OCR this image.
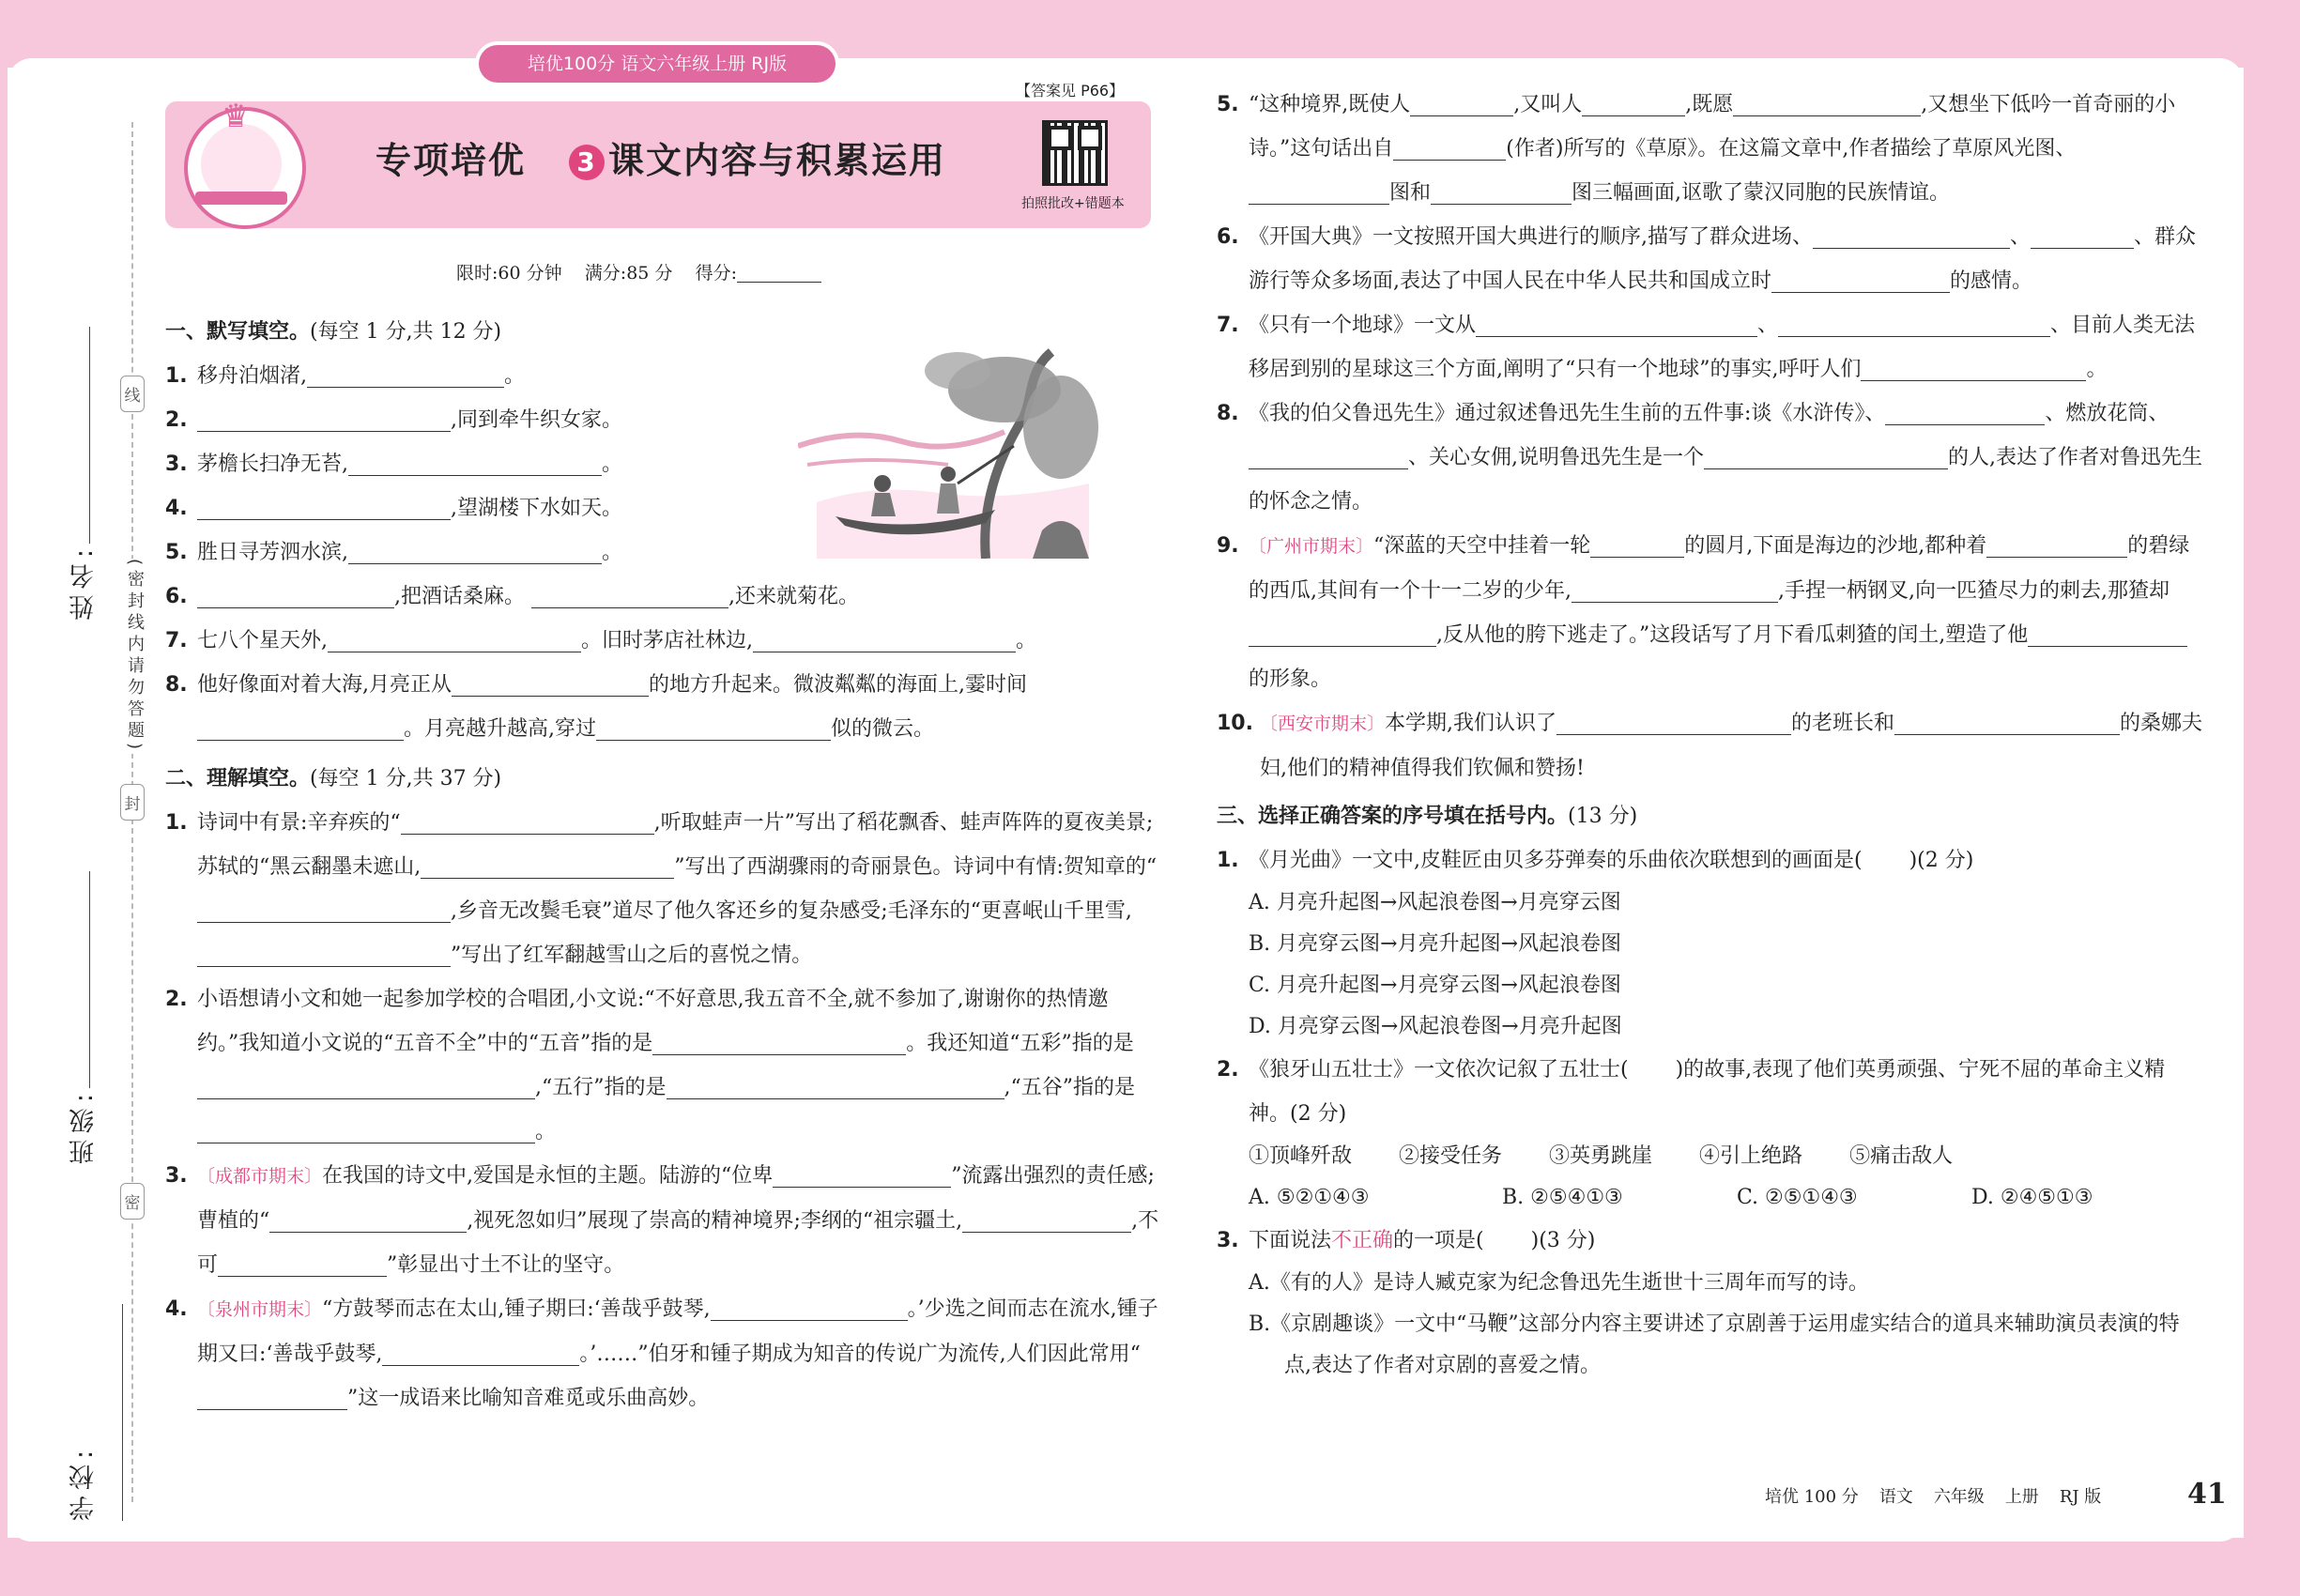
培优100分 语文六年级上册 RJ版
姓名:
班级:
学校:
(密封线内请勿答题)
线
封
密
♛
专项培优 3 课文内容与积累运用
【答案见 P66】
拍照批改+错题本
限时:60 分钟 满分:85 分 得分:
一、默写填空。(每空 1 分,共 12 分)
1. 移舟泊烟渚,	。
2.	,同到牵牛织女家。
3. 茅檐长扫净无苔,	。
4.	,望湖楼下水如天。
5. 胜日寻芳泗水滨,	。
6.	,把酒话桑麻。	,还来就菊花。
7. 七八个星天外,	。旧时茅店社林边,	。
8. 他好像面对着大海,月亮正从	的地方升起来。微波粼粼的海面上,霎时间。月亮越升越高,穿过	似的微云。
二、理解填空。(每空 1 分,共 37 分)
1. 诗词中有景:辛弃疾的“	,听取蛙声一片”写出了稻花飘香、蛙声阵阵的夏夜美景;苏轼的“黑云翻墨未遮山,	”写出了西湖骤雨的奇丽景色。诗词中有情:贺知章的“,乡音无改鬓毛衰”道尽了他久客还乡的复杂感受;毛泽东的“更喜岷山千里雪,”写出了红军翻越雪山之后的喜悦之情。
2. 小语想请小文和她一起参加学校的合唱团,小文说:“不好意思,我五音不全,就不参加了,谢谢你的热情邀约。”我知道小文说的“五音不全”中的“五音”指的是	。我还知道“五彩”指的是,“五行”指的是	,“五谷”指的是。
3. 〔成都市期末〕在我国的诗文中,爱国是永恒的主题。陆游的“位卑	”流露出强烈的责任感;曹植的“	,视死忽如归”展现了崇高的精神境界;李纲的“祖宗疆土,	,不可	”彰显出寸土不让的坚守。
4. 〔泉州市期末〕“方鼓琴而志在太山,锺子期曰:‘善哉乎鼓琴,	。’少选之间而志在流水,锺子期又曰:‘善哉乎鼓琴,	。’……”伯牙和锺子期成为知音的传说广为流传,人们因此常用“”这一成语来比喻知音难觅或乐曲高妙。
5. “这种境界,既使人	,又叫人	,既愿	,又想坐下低吟一首奇丽的小诗。”这句话出自	(作者)所写的《草原》。在这篇文章中,作者描绘了草原风光图、图和	图三幅画面,讴歌了蒙汉同胞的民族情谊。
6. 《开国大典》一文按照开国大典进行的顺序,描写了群众进场、	、	、群众游行等众多场面,表达了中国人民在中华人民共和国成立时	的感情。
7. 《只有一个地球》一文从	、	、目前人类无法移居到别的星球这三个方面,阐明了“只有一个地球”的事实,呼吁人们	。
8. 《我的伯父鲁迅先生》通过叙述鲁迅先生生前的五件事:谈《水浒传》、	、燃放花筒、、关心女佣,说明鲁迅先生是一个	的人,表达了作者对鲁迅先生的怀念之情。
9. 〔广州市期末〕“深蓝的天空中挂着一轮	的圆月,下面是海边的沙地,都种着	的碧绿的西瓜,其间有一个十一二岁的少年,	,手捏一柄钢叉,向一匹猹尽力的刺去,那猹却,反从他的胯下逃走了。”这段话写了月下看瓜刺猹的闰土,塑造了他的形象。
10. 〔西安市期末〕本学期,我们认识了	的老班长和	的桑娜夫妇,他们的精神值得我们钦佩和赞扬!
三、选择正确答案的序号填在括号内。(13 分)
1. 《月光曲》一文中,皮鞋匠由贝多芬弹奏的乐曲依次联想到的画面是( )(2 分)
A. 月亮升起图→风起浪卷图→月亮穿云图
B. 月亮穿云图→月亮升起图→风起浪卷图
C. 月亮升起图→月亮穿云图→风起浪卷图
D. 月亮穿云图→风起浪卷图→月亮升起图
2. 《狼牙山五壮士》一文依次记叙了五壮士( )的故事,表现了他们英勇顽强、宁死不屈的革命主义精神。(2 分)
①顶峰歼敌 ②接受任务 ③英勇跳崖 ④引上绝路 ⑤痛击敌人
A. ⑤②①④③	B. ②⑤④①③	C. ②⑤①④③	D. ②④⑤①③
3. 下面说法不正确的一项是( )(3 分)
A.《有的人》是诗人臧克家为纪念鲁迅先生逝世十三周年而写的诗。
B.《京剧趣谈》一文中“马鞭”这部分内容主要讲述了京剧善于运用虚实结合的道具来辅助演员表演的特点,表达了作者对京剧的喜爱之情。
培优 100 分 语文 六年级 上册 RJ 版	41
